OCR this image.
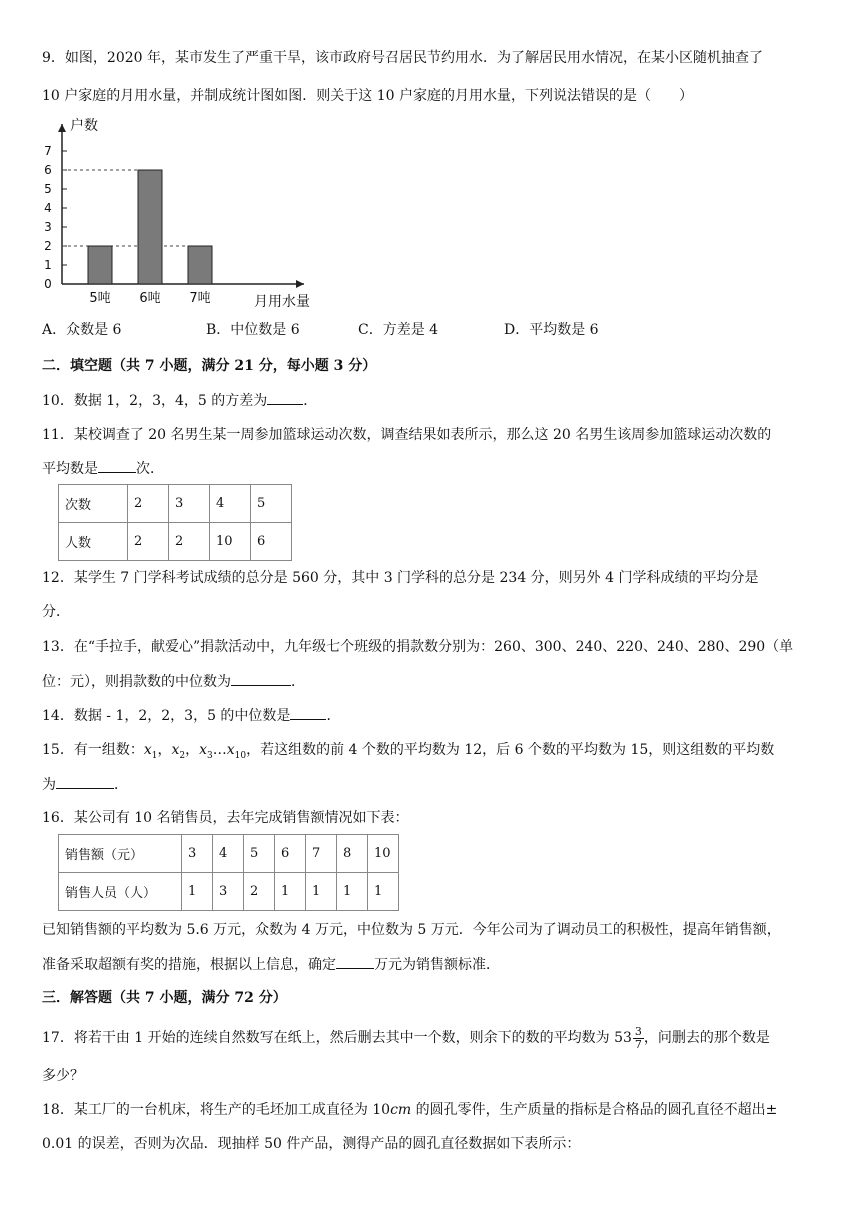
9．如图，2020 年，某市发生了严重干旱，该市政府号召居民节约用水．为了解居民用水情况，在某小区随机抽查了
10 户家庭的月用水量，并制成统计图如图．则关于这 10 户家庭的月用水量，下列说法错误的是（　　）
0
1
2
3
4
5
6
7
户数
5吨 6吨 7吨	月用水量
A．众数是 6	B．中位数是 6	C．方差是 4	D．平均数是 6
二．填空题（共 7 小题，满分 21 分，每小题 3 分）
10．数据 1，2，3，4，5 的方差为	．
11．某校调查了 20 名男生某一周参加篮球运动次数，调查结果如表所示，那么这 20 名男生该周参加篮球运动次数的
平均数是	次．
次数	2	3	4	5
人数	2	2	10	6
12．某学生 7 门学科考试成绩的总分是 560 分，其中 3 门学科的总分是 234 分，则另外 4 门学科成绩的平均分是
分．
13．在“手拉手，献爱心”捐款活动中，九年级七个班级的捐款数分别为：260、300、240、220、240、280、290（单
位：元），则捐款数的中位数为	．
14．数据 - 1，2，2，3，5 的中位数是	．
15．有一组数：$x_1$，$x_2$，$x_3\dots x_{10}$，若这组数的前 4 个数的平均数为 12，后 6 个数的平均数为 15，则这组数的平均数
为	．
16．某公司有 10 名销售员，去年完成销售额情况如下表：
销售额（元）	3	4	5	6	7	8	10
销售人员（人）	1	3	2	1	1	1	1
已知销售额的平均数为 5.6 万元，众数为 4 万元，中位数为 5 万元．今年公司为了调动员工的积极性，提高年销售额，
准备采取超额有奖的措施，根据以上信息，确定	万元为销售额标准．
三．解答题（共 7 小题，满分 72 分）
17．将若干由 1 开始的连续自然数写在纸上，然后删去其中一个数，则余下的数的平均数为 $53 \frac{3}{7}$ ，问删去的那个数是
多少？
18．某工厂的一台机床，将生产的毛坯加工成直径为 10cm 的圆孔零件，生产质量的指标是合格品的圆孔直径不超出±
0.01 的误差，否则为次品．现抽样 50 件产品，测得产品的圆孔直径数据如下表所示：
